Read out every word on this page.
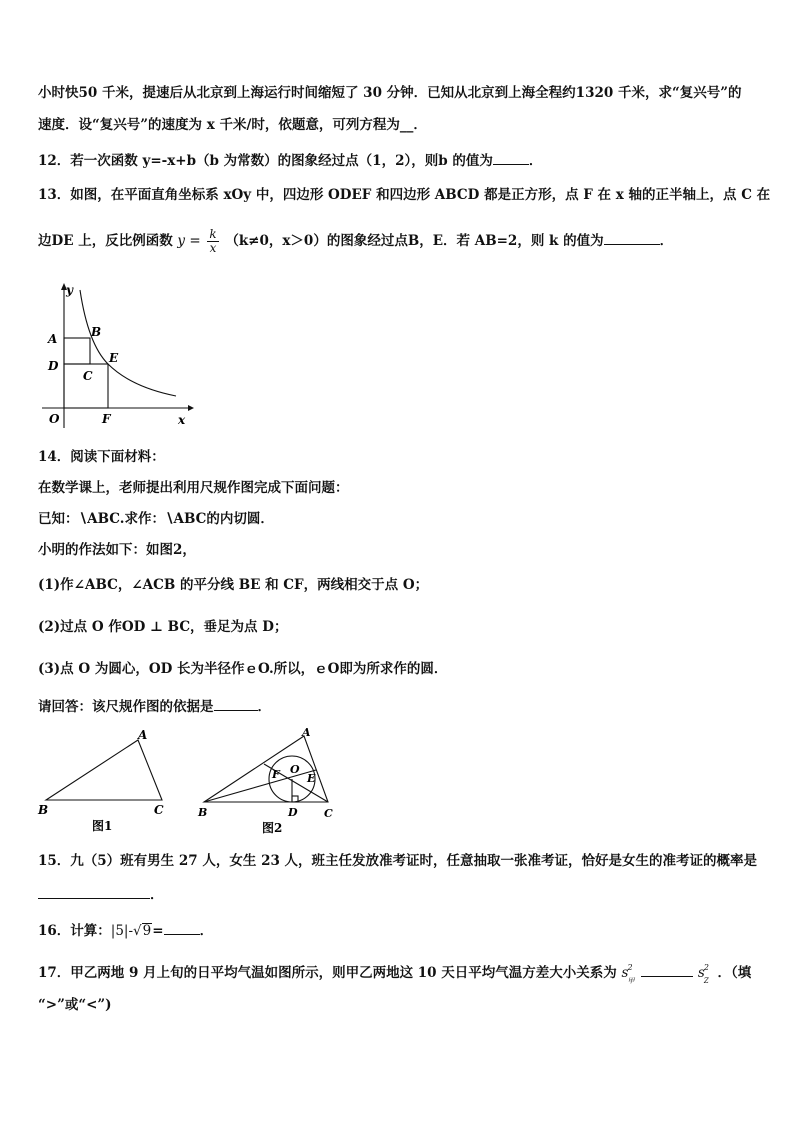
小时快50 千米，提速后从北京到上海运行时间缩短了 30 分钟．已知从北京到上海全程约1320 千米，求“复兴号”的
速度．设“复兴号”的速度为 x 千米/时，依题意，可列方程为__．
12．若一次函数 y=-x+b（b 为常数）的图象经过点（1，2），则b 的值为	．
13．如图，在平面直角坐标系 xOy 中，四边形 ODEF 和四边形 ABCD 都是正方形，点 F 在 x 轴的正半轴上，点 C 在
边DE 上，反比例函数 $y = \frac{k}{x} (k\ne 0$，x＞0）的图象经过点B，E．若 AB=2，则 k 的值为	．
y
x
A	B
C
D
E
O	F
14．阅读下面材料：
在数学课上，老师提出利用尺规作图完成下面问题：
已知：∖ABC.求作：∖ABC的内切圆．
小明的作法如下：如图2，
(1)作∠ABC，∠ACB 的平分线 BE 和 CF，两线相交于点 O；
(2)过点 O 作OD ⊥ BC，垂足为点 D；
(3)点 O 为圆心，OD 长为半径作ｅO.所以，ｅO即为所求作的圆．
请回答：该尺规作图的依据是	．
A
B	C
图1
A
B	C
D
E
F O
图2
15．九（5）班有男生 27 人，女生 23 人，班主任发放准考证时，任意抽取一张准考证，恰好是女生的准考证的概率是
．
16．计算：|5|-√9=	．
17．甲乙两地 9 月上旬的日平均气温如图所示，则甲乙两地这 10 天日平均气温方差大小关系为 s 2
甲	s 2
Z ．（填
“>”或“<”)
